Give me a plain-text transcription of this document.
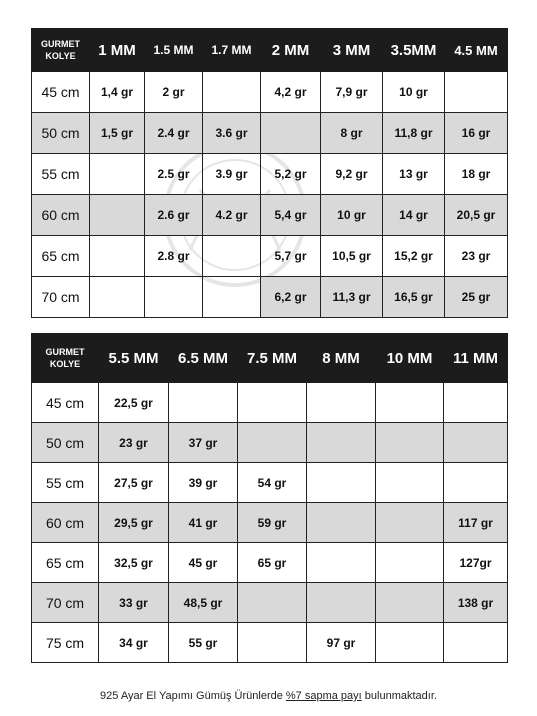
GURMET KOLYE	1 MM	1.5 MM	1.7 MM	2 MM	3 MM	3.5MM	4.5 MM
45 cm	1,4 gr	2 gr		4,2 gr	7,9 gr	10 gr	
50 cm	1,5 gr	2.4 gr	3.6 gr		8 gr	11,8 gr	16 gr
55 cm		2.5 gr	3.9 gr	5,2 gr	9,2 gr	13 gr	18 gr
60 cm		2.6 gr	4.2 gr	5,4 gr	10 gr	14 gr	20,5 gr
65 cm		2.8 gr		5,7 gr	10,5 gr	15,2 gr	23 gr
70 cm				6,2 gr	11,3 gr	16,5 gr	25 gr
GURMET KOLYE	5.5 MM	6.5 MM	7.5 MM	8 MM	10 MM	11 MM
45 cm	22,5 gr					
50 cm	23 gr	37 gr				
55 cm	27,5 gr	39 gr	54 gr			
60 cm	29,5 gr	41 gr	59 gr			117 gr
65 cm	32,5 gr	45 gr	65 gr			127gr
70 cm	33 gr	48,5 gr				138 gr
75 cm	34 gr	55 gr		97 gr		
925 Ayar El Yapımı Gümüş Ürünlerde %7 sapma payı bulunmaktadır.
